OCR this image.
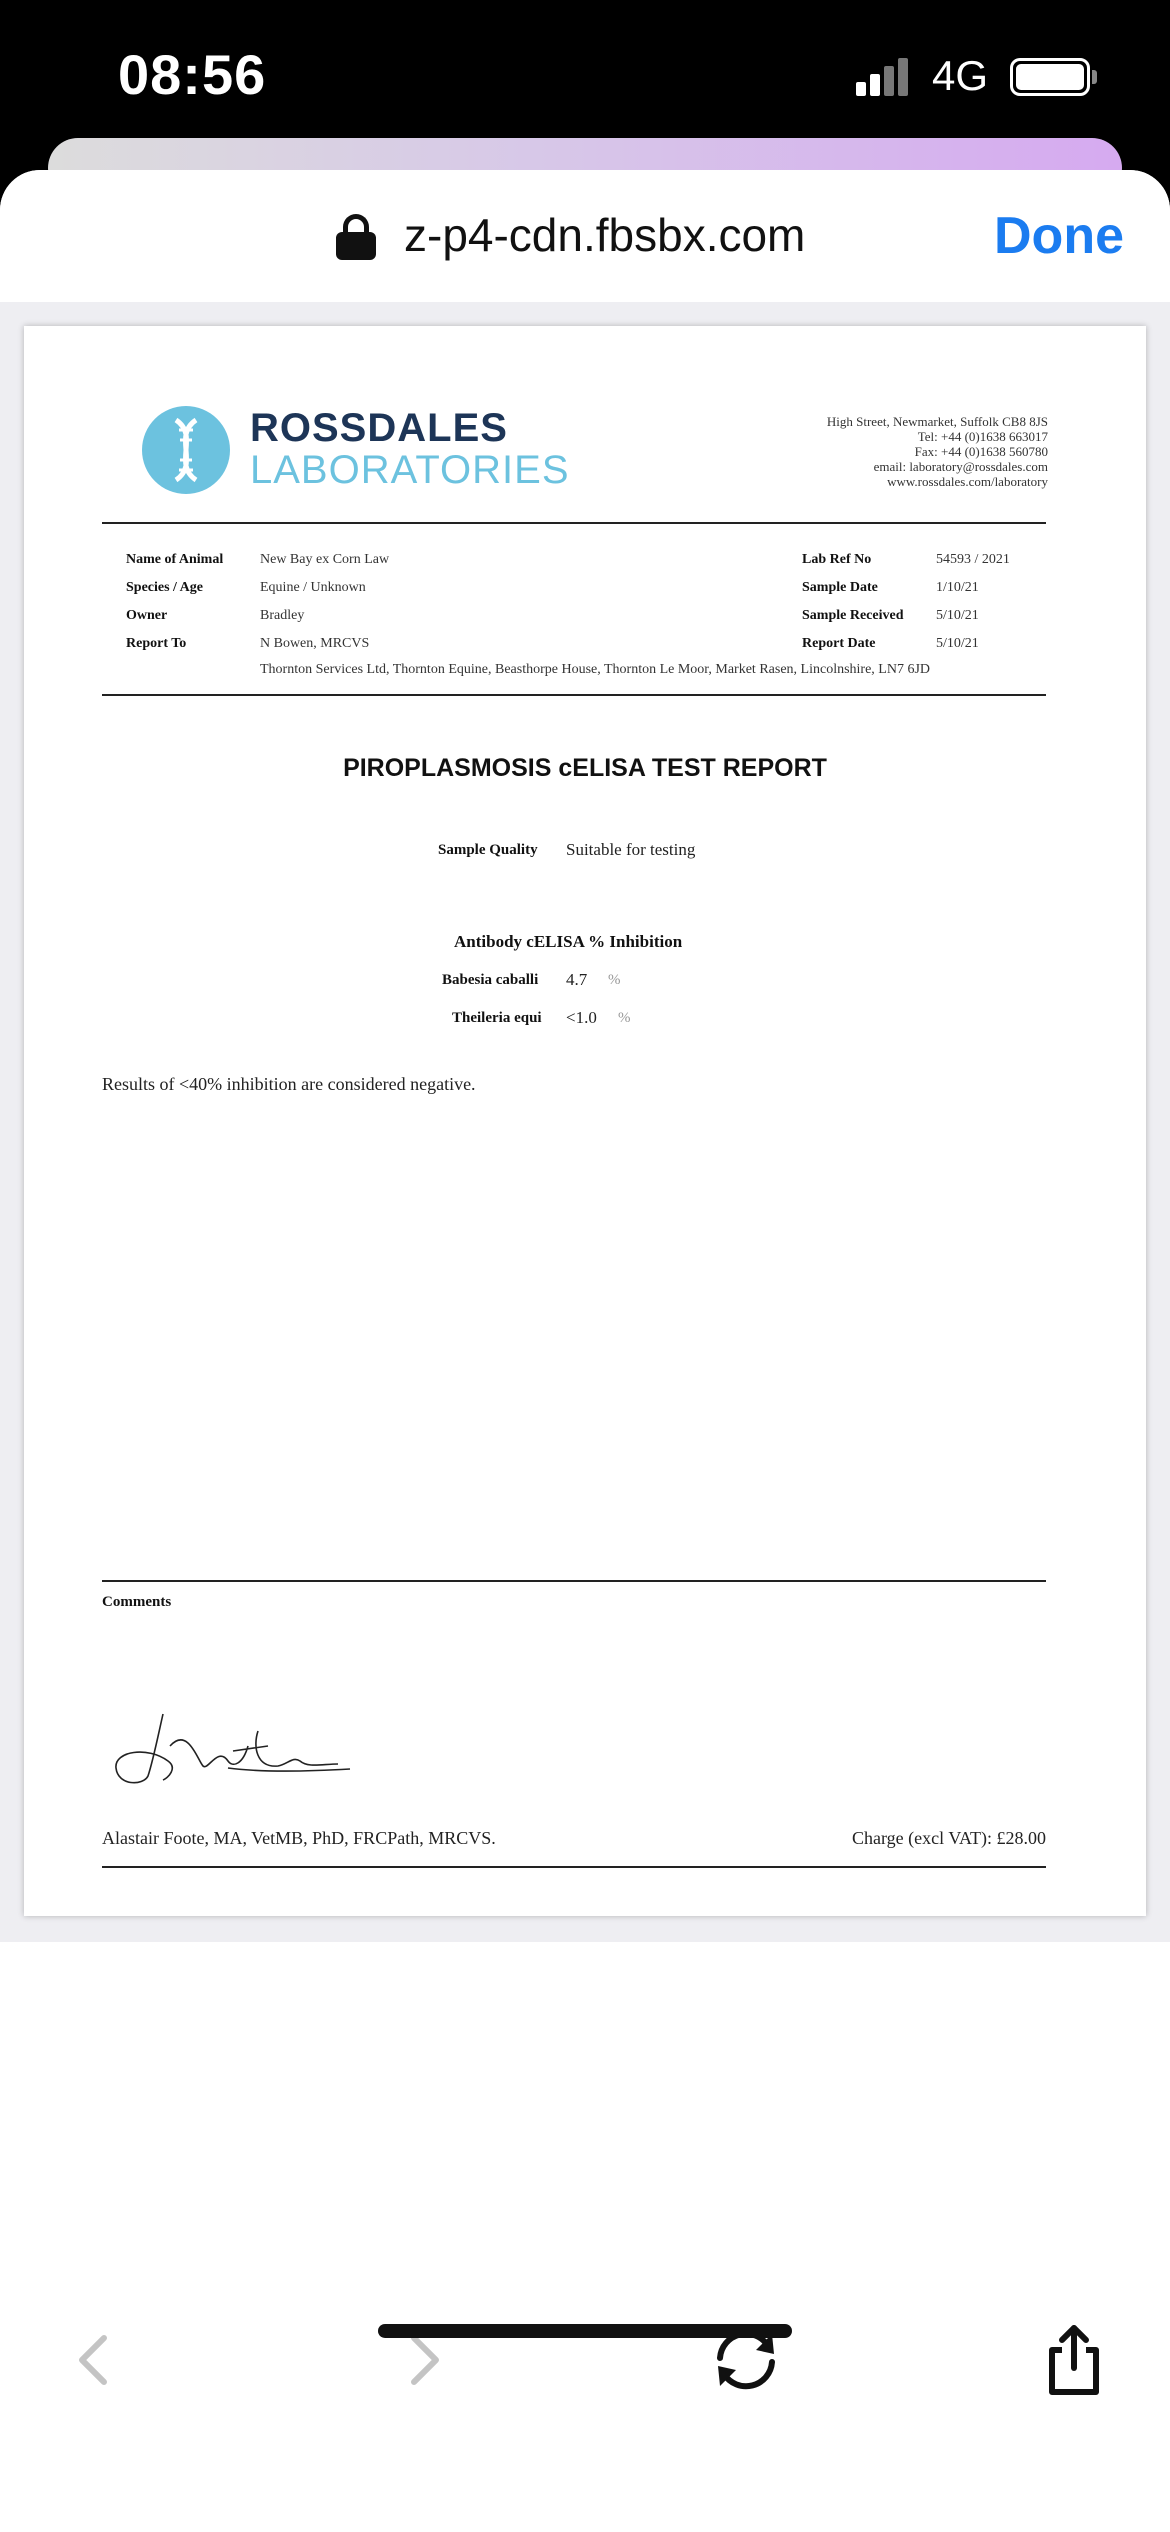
08:56	4G
z-p4-cdn.fbsbx.com	Done
ROSSDALES
LABORATORIES
High Street, Newmarket, Suffolk CB8 8JS
Tel: +44 (0)1638 663017
Fax: +44 (0)1638 560780
email: laboratory@rossdales.com
www.rossdales.com/laboratory
Name of Animal	New Bay ex Corn Law
Species / Age	Equine / Unknown
Owner	Bradley
Report To	N Bowen, MRCVS
Thornton Services Ltd, Thornton Equine, Beasthorpe House, Thornton Le Moor, Market Rasen, Lincolnshire, LN7 6JD
Lab Ref No	54593 / 2021
Sample Date	1/10/21
Sample Received 5/10/21
Report Date	5/10/21
PIROPLASMOSIS cELISA TEST REPORT
Sample Quality Suitable for testing
Antibody cELISA % Inhibition
Babesia caballi 4.7 %
Theileria equi <1.0 %
Results of <40% inhibition are considered negative.
Comments
Alastair Foote, MA, VetMB, PhD, FRCPath, MRCVS.	Charge (excl VAT): £28.00
